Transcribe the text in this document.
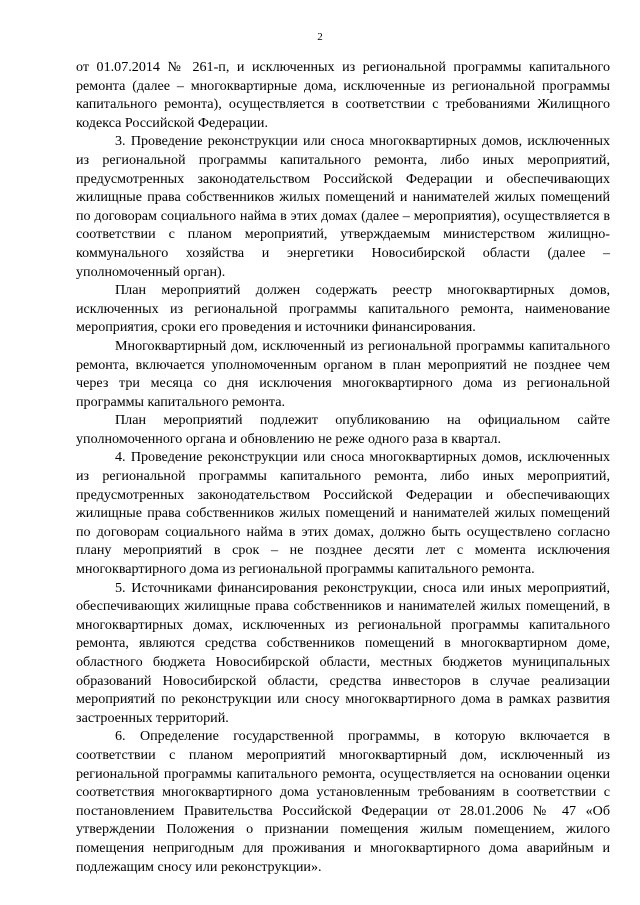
2

от 01.07.2014 № 261-п, и исключенных из региональной программы капитального ремонта (далее – многоквартирные дома, исключенные из региональной программы капитального ремонта), осуществляется в соответствии с требованиями Жилищного кодекса Российской Федерации.

3. Проведение реконструкции или сноса многоквартирных домов, исключенных из региональной программы капитального ремонта, либо иных мероприятий, предусмотренных законодательством Российской Федерации и обеспечивающих жилищные права собственников жилых помещений и нанимателей жилых помещений по договорам социального найма в этих домах (далее – мероприятия), осуществляется в соответствии с планом мероприятий, утверждаемым министерством жилищно-коммунального хозяйства и энергетики Новосибирской области (далее – уполномоченный орган).

План мероприятий должен содержать реестр многоквартирных домов, исключенных из региональной программы капитального ремонта, наименование мероприятия, сроки его проведения и источники финансирования.

Многоквартирный дом, исключенный из региональной программы капитального ремонта, включается уполномоченным органом в план мероприятий не позднее чем через три месяца со дня исключения многоквартирного дома из региональной программы капитального ремонта.

План мероприятий подлежит опубликованию на официальном сайте уполномоченного органа и обновлению не реже одного раза в квартал.

4. Проведение реконструкции или сноса многоквартирных домов, исключенных из региональной программы капитального ремонта, либо иных мероприятий, предусмотренных законодательством Российской Федерации и обеспечивающих жилищные права собственников жилых помещений и нанимателей жилых помещений по договорам социального найма в этих домах, должно быть осуществлено согласно плану мероприятий в срок – не позднее десяти лет с момента исключения многоквартирного дома из региональной программы капитального ремонта.

5. Источниками финансирования реконструкции, сноса или иных мероприятий, обеспечивающих жилищные права собственников и нанимателей жилых помещений, в многоквартирных домах, исключенных из региональной программы капитального ремонта, являются средства собственников помещений в многоквартирном доме, областного бюджета Новосибирской области, местных бюджетов муниципальных образований Новосибирской области, средства инвесторов в случае реализации мероприятий по реконструкции или сносу многоквартирного дома в рамках развития застроенных территорий.

6. Определение государственной программы, в которую включается в соответствии с планом мероприятий многоквартирный дом, исключенный из региональной программы капитального ремонта, осуществляется на основании оценки соответствия многоквартирного дома установленным требованиям в соответствии с постановлением Правительства Российской Федерации от 28.01.2006 № 47 «Об утверждении Положения о признании помещения жилым помещением, жилого помещения непригодным для проживания и многоквартирного дома аварийным и подлежащим сносу или реконструкции».
